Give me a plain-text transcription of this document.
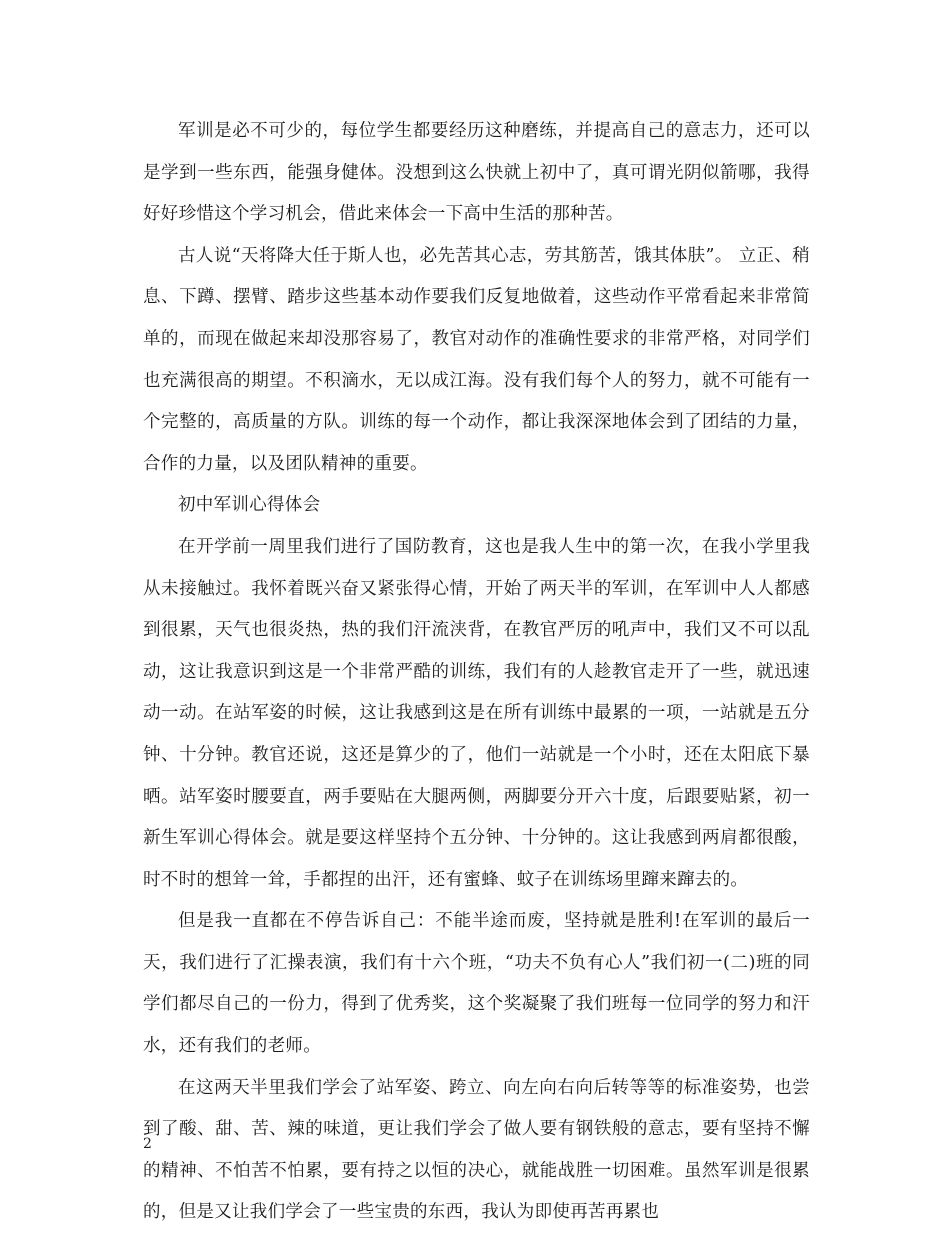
军训是必不可少的，每位学生都要经历这种磨练，并提高自己的意志力，还可以是学到一些东西，能强身健体。没想到这么快就上初中了，真可谓光阴似箭哪，我得好好珍惜这个学习机会，借此来体会一下高中生活的那种苦。

古人说“天将降大任于斯人也，必先苦其心志，劳其筋苦，饿其体肤”。 立正、稍息、下蹲、摆臂、踏步这些基本动作要我们反复地做着，这些动作平常看起来非常简单的，而现在做起来却没那容易了，教官对动作的准确性要求的非常严格，对同学们也充满很高的期望。不积滴水，无以成江海。没有我们每个人的努力，就不可能有一个完整的，高质量的方队。训练的每一个动作，都让我深深地体会到了团结的力量，合作的力量，以及团队精神的重要。

初中军训心得体会

在开学前一周里我们进行了国防教育，这也是我人生中的第一次，在我小学里我从未接触过。我怀着既兴奋又紧张得心情，开始了两天半的军训，在军训中人人都感到很累，天气也很炎热，热的我们汗流浃背，在教官严厉的吼声中，我们又不可以乱动，这让我意识到这是一个非常严酷的训练，我们有的人趁教官走开了一些，就迅速动一动。在站军姿的时候，这让我感到这是在所有训练中最累的一项，一站就是五分钟、十分钟。教官还说，这还是算少的了，他们一站就是一个小时，还在太阳底下暴晒。站军姿时腰要直，两手要贴在大腿两侧，两脚要分开六十度，后跟要贴紧，初一新生军训心得体会。就是要这样坚持个五分钟、十分钟的。这让我感到两肩都很酸，时不时的想耸一耸，手都捏的出汗，还有蜜蜂、蚊子在训练场里蹿来蹿去的。

但是我一直都在不停告诉自己：不能半途而废，坚持就是胜利!在军训的最后一天，我们进行了汇操表演，我们有十六个班，“功夫不负有心人”我们初一(二)班的同学们都尽自己的一份力，得到了优秀奖，这个奖凝聚了我们班每一位同学的努力和汗水，还有我们的老师。

在这两天半里我们学会了站军姿、跨立、向左向右向后转等等的标准姿势，也尝到了酸、甜、苦、辣的味道，更让我们学会了做人要有钢铁般的意志，要有坚持不懈的精神、不怕苦不怕累，要有持之以恒的决心，就能战胜一切困难。虽然军训是很累的，但是又让我们学会了一些宝贵的东西，我认为即使再苦再累也

2
